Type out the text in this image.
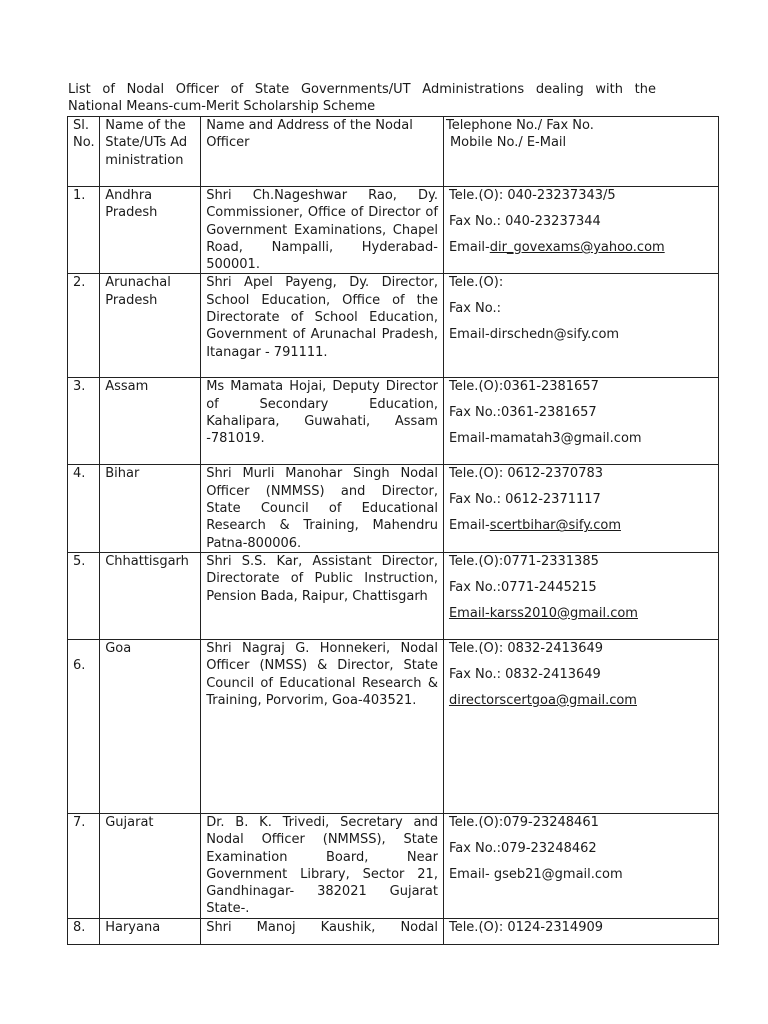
List of Nodal Officer of State Governments/UT Administrations dealing with the
National Means-cum-Merit Scholarship Scheme
Sl. No.	Name of the State/UTs Administration	Name and Address of the Nodal Officer	Telephone No./ Fax No.
Mobile No./ E-Mail

1.	Andhra Pradesh	Shri Ch.Nageshwar Rao, Dy. Commissioner, Office of Director of Government Examinations, Chapel Road, Nampalli, Hyderabad-500001.	Tele.(O): 040-23237343/5

Fax No.: 040-23237344

Email-dir_govexams@yahoo.com

2.	Arunachal Pradesh	Shri Apel Payeng, Dy. Director, School Education, Office of the Directorate of School Education, Government of Arunachal Pradesh, Itanagar - 791111.	Tele.(O):

Fax No.:

Email-dirschedn@sify.com

3.	Assam	Ms Mamata Hojai, Deputy Director of Secondary Education, Kahalipara, Guwahati, Assam -781019.	Tele.(O):0361-2381657

Fax No.:0361-2381657

Email-mamatah3@gmail.com

4.	Bihar	Shri Murli Manohar Singh Nodal Officer (NMMSS) and Director, State Council of Educational Research & Training, Mahendru Patna-800006.	Tele.(O): 0612-2370783

Fax No.: 0612-2371117

Email-scertbihar@sify.com

5.	Chhattisgarh	Shri S.S. Kar, Assistant Director, Directorate of Public Instruction, Pension Bada, Raipur, Chattisgarh	Tele.(O):0771-2331385

Fax No.:0771-2445215

Email-karss2010@gmail.com

6.	Goa	Shri Nagraj G. Honnekeri, Nodal Officer (NMSS) & Director, State Council of Educational Research & Training, Porvorim, Goa-403521.	Tele.(O): 0832-2413649

Fax No.: 0832-2413649

directorscertgoa@gmail.com

7.	Gujarat	Dr. B. K. Trivedi, Secretary and Nodal Officer (NMMSS), State Examination Board, Near Government Library, Sector 21, Gandhinagar- 382021 Gujarat State-.	Tele.(O):079-23248461

Fax No.:079-23248462

Email- gseb21@gmail.com

8.	Haryana	Shri Manoj Kaushik, Nodal	Tele.(O): 0124-2314909
